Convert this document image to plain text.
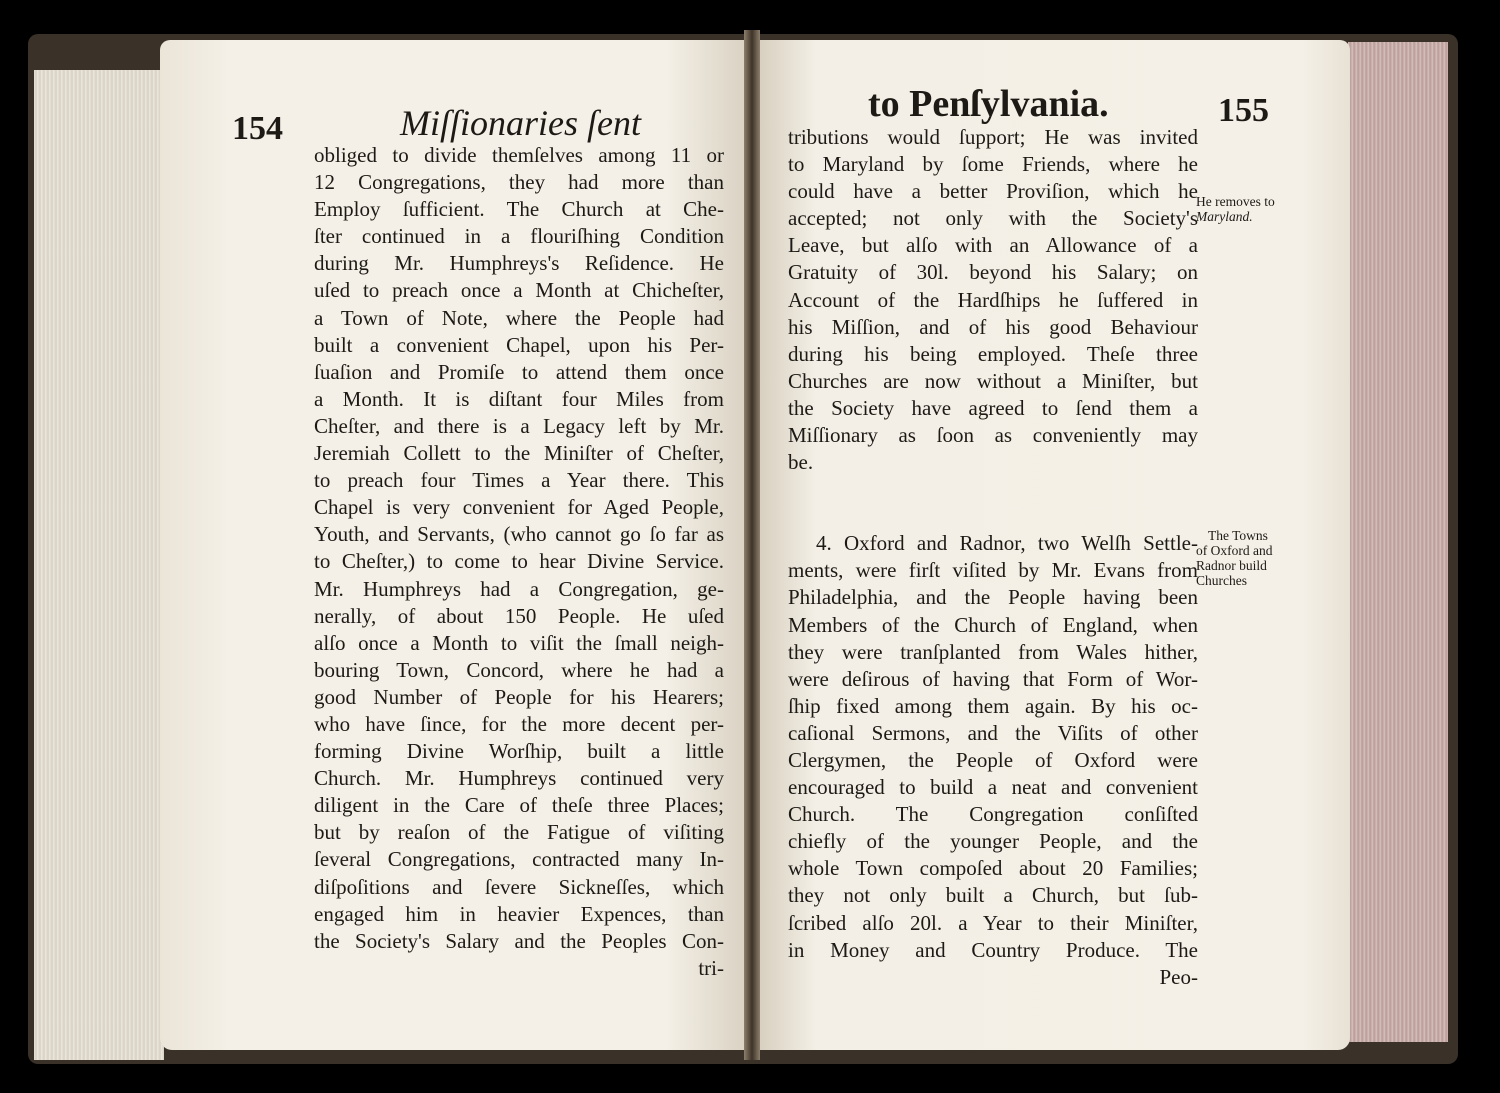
154	Miſſionaries ſent
obliged to divide themſelves among 11 or
12 Congregations, they had more than
Employ ſufficient. The Church at Che-
ſter continued in a flouriſhing Condition
during Mr. Humphreys's Reſidence. He
uſed to preach once a Month at Chicheſter,
a Town of Note, where the People had
built a convenient Chapel, upon his Per-
ſuaſion and Promiſe to attend them once
a Month. It is diſtant four Miles from
Cheſter, and there is a Legacy left by Mr.
Jeremiah Collett to the Miniſter of Cheſter,
to preach four Times a Year there. This
Chapel is very convenient for Aged People,
Youth, and Servants, (who cannot go ſo far as
to Cheſter,) to come to hear Divine Service.
Mr. Humphreys had a Congregation, ge-
nerally, of about 150 People. He uſed
alſo once a Month to viſit the ſmall neigh-
bouring Town, Concord, where he had a
good Number of People for his Hearers;
who have ſince, for the more decent per-
forming Divine Worſhip, built a little
Church. Mr. Humphreys continued very
diligent in the Care of theſe three Places;
but by reaſon of the Fatigue of viſiting
ſeveral Congregations, contracted many In-
diſpoſitions and ſevere Sickneſſes, which
engaged him in heavier Expences, than
the Society's Salary and the Peoples Con-
tri-
to Penſylvania.	155
tributions would ſupport; He was invited
to Maryland by ſome Friends, where he
could have a better Proviſion, which he
accepted; not only with the Society's
Leave, but alſo with an Allowance of a
Gratuity of 30l. beyond his Salary; on
Account of the Hardſhips he ſuffered in
his Miſſion, and of his good Behaviour
during his being employed. Theſe three
Churches are now without a Miniſter, but
the Society have agreed to ſend them a
Miſſionary as ſoon as conveniently may
be.
4. Oxford and Radnor, two Welſh Settle-
ments, were firſt viſited by Mr. Evans from
Philadelphia, and the People having been
Members of the Church of England, when
they were tranſplanted from Wales hither,
were deſirous of having that Form of Wor-
ſhip fixed among them again. By his oc-
caſional Sermons, and the Viſits of other
Clergymen, the People of Oxford were
encouraged to build a neat and convenient
Church. The Congregation conſiſted
chiefly of the younger People, and the
whole Town compoſed about 20 Families;
they not only built a Church, but ſub-
ſcribed alſo 20l. a Year to their Miniſter,
in Money and Country Produce. The
Peo-
He removes to
Maryland.
The Towns
of Oxford and
Radnor build
Churches
